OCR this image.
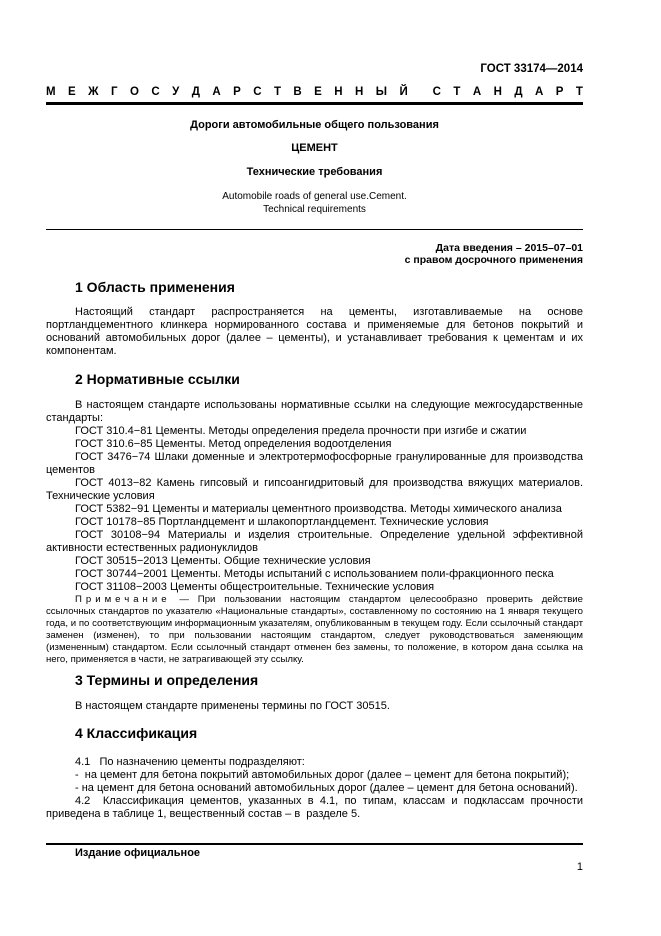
ГОСТ 33174—2014
М Е Ж Г О С У Д А Р С Т В Е Н Н Ы Й С Т А Н Д А Р Т
Дороги автомобильные общего пользования
ЦЕМЕНТ
Технические требования
Automobile roads of general use.Cement.
Technical requirements
Дата введения – 2015–07–01
с правом досрочного применения
1 Область применения

Настоящий стандарт распространяется на цементы, изготавливаемые на основе портландцементного клинкера нормированного состава и применяемые для бетонов покрытий и оснований автомобильных дорог (далее – цементы), и устанавливает требования к цементам и их компонентам.

2 Нормативные ссылки

В настоящем стандарте использованы нормативные ссылки на следующие межгосударственные стандарты:

ГОСТ 310.4−81 Цементы. Методы определения предела прочности при изгибе и сжатии

ГОСТ 310.6−85 Цементы. Метод определения водоотделения

ГОСТ 3476−74 Шлаки доменные и электротермофосфорные гранулированные для производства цементов

ГОСТ 4013−82 Камень гипсовый и гипсоангидритовый для производства вяжущих материалов. Технические условия

ГОСТ 5382−91 Цементы и материалы цементного производства. Методы химического анализа

ГОСТ 10178−85 Портландцемент и шлакопортландцемент. Технические условия

ГОСТ 30108−94 Материалы и изделия строительные. Определение удельной эффективной активности естественных радионуклидов

ГОСТ 30515−2013 Цементы. Общие технические условия

ГОСТ 30744−2001 Цементы. Методы испытаний с использованием поли-фракционного песка

ГОСТ 31108−2003 Цементы общестроительные. Технические условия

Примечание — При пользовании настоящим стандартом целесообразно проверить действие ссылочных стандартов по указателю «Национальные стандарты», составленному по состоянию на 1 января текущего года, и по соответствующим информационным указателям, опубликованным в текущем году. Если ссылочный стандарт заменен (изменен), то при пользовании настоящим стандартом, следует руководствоваться заменяющим (измененным) стандартом. Если ссылочный стандарт отменен без замены, то положение, в котором дана ссылка на него, применяется в части, не затрагивающей эту ссылку.

3 Термины и определения

В настоящем стандарте применены термины по ГОСТ 30515.

4 Классификация

4.1   По назначению цементы подразделяют:

-  на цемент для бетона покрытий автомобильных дорог (далее – цемент для бетона покрытий);

- на цемент для бетона оснований автомобильных дорог (далее – цемент для бетона оснований).

4.2  Классификация цементов, указанных в 4.1, по типам, классам и подклассам прочности приведена в таблице 1, вещественный состав – в  разделе 5.

Издание официальное
1
